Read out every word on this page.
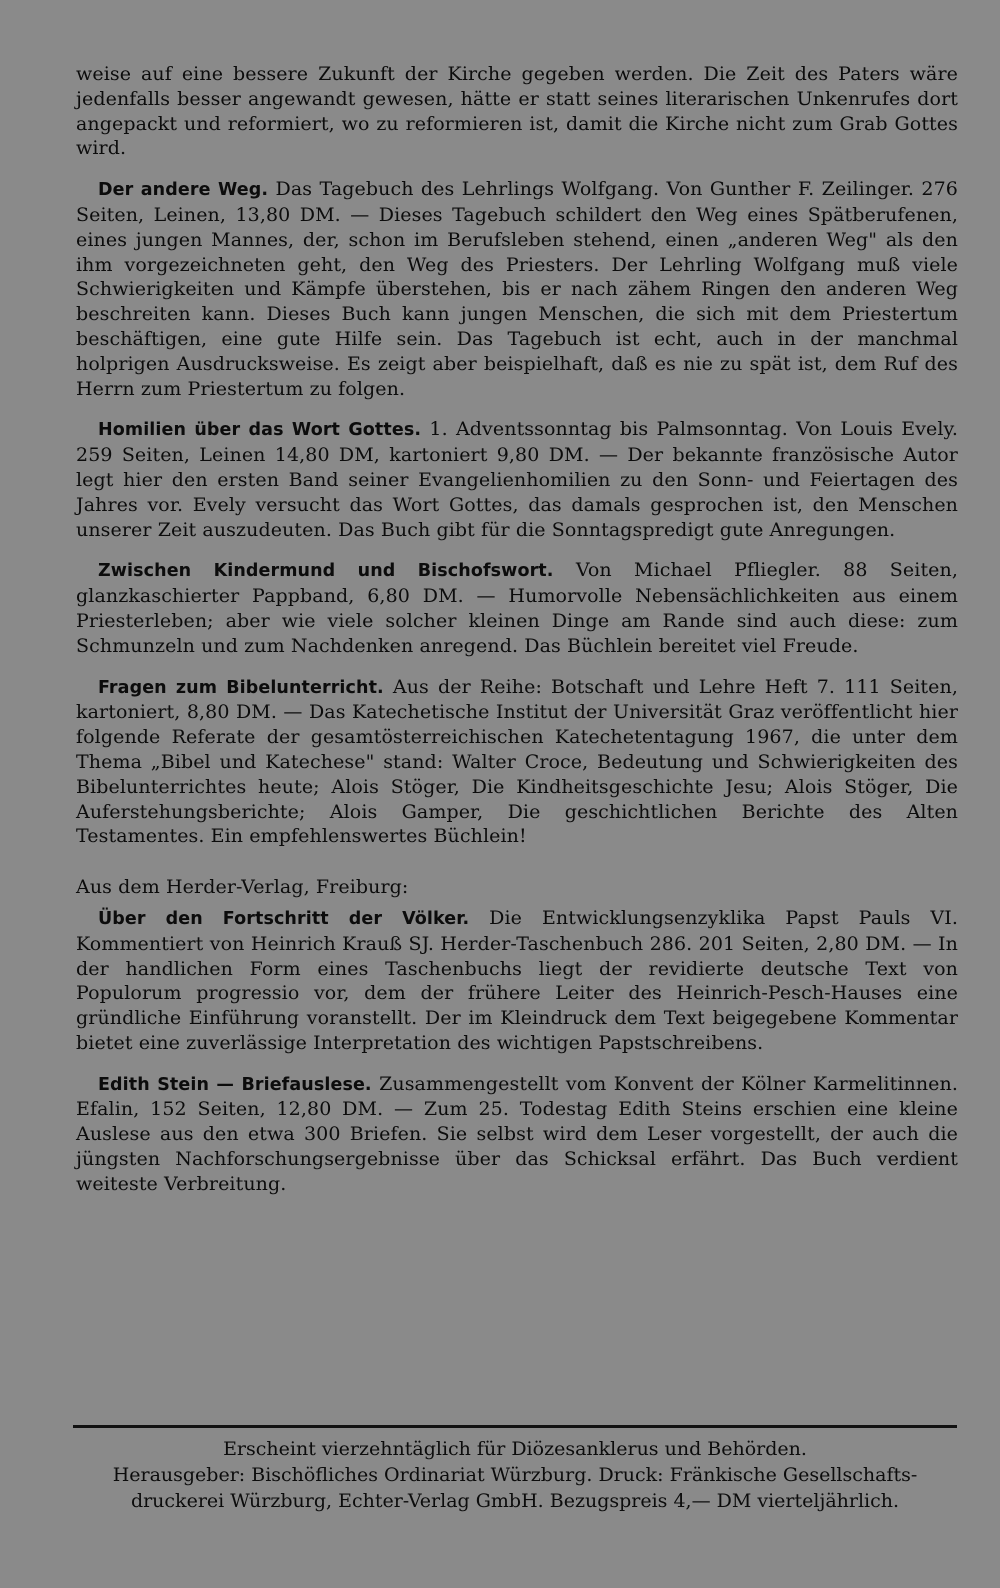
weise auf eine bessere Zukunft der Kirche gegeben werden. Die Zeit des Paters wäre jedenfalls besser angewandt gewesen, hätte er statt seines literarischen Unkenrufes dort angepackt und reformiert, wo zu reformieren ist, damit die Kirche nicht zum Grab Gottes wird.

Der andere Weg. Das Tagebuch des Lehrlings Wolfgang. Von Gunther F. Zeilinger. 276 Seiten, Leinen, 13,80 DM. — Dieses Tagebuch schildert den Weg eines Spätberufenen, eines jungen Mannes, der, schon im Berufsleben stehend, einen „anderen Weg" als den ihm vorgezeichneten geht, den Weg des Priesters. Der Lehrling Wolfgang muß viele Schwierigkeiten und Kämpfe überstehen, bis er nach zähem Ringen den anderen Weg beschreiten kann. Dieses Buch kann jungen Menschen, die sich mit dem Priestertum beschäftigen, eine gute Hilfe sein. Das Tagebuch ist echt, auch in der manchmal holprigen Ausdrucksweise. Es zeigt aber beispielhaft, daß es nie zu spät ist, dem Ruf des Herrn zum Priestertum zu folgen.

Homilien über das Wort Gottes. 1. Adventssonntag bis Palmsonntag. Von Louis Evely. 259 Seiten, Leinen 14,80 DM, kartoniert 9,80 DM. — Der bekannte französische Autor legt hier den ersten Band seiner Evangelienhomilien zu den Sonn- und Feiertagen des Jahres vor. Evely versucht das Wort Gottes, das damals gesprochen ist, den Menschen unserer Zeit auszudeuten. Das Buch gibt für die Sonntagspredigt gute Anregungen.

Zwischen Kindermund und Bischofswort. Von Michael Pfliegler. 88 Seiten, glanzkaschierter Pappband, 6,80 DM. — Humorvolle Nebensächlichkeiten aus einem Priesterleben; aber wie viele solcher kleinen Dinge am Rande sind auch diese: zum Schmunzeln und zum Nachdenken anregend. Das Büchlein bereitet viel Freude.

Fragen zum Bibelunterricht. Aus der Reihe: Botschaft und Lehre Heft 7. 111 Seiten, kartoniert, 8,80 DM. — Das Katechetische Institut der Universität Graz veröffentlicht hier folgende Referate der gesamtösterreichischen Katechetentagung 1967, die unter dem Thema „Bibel und Katechese" stand: Walter Croce, Bedeutung und Schwierigkeiten des Bibelunterrichtes heute; Alois Stöger, Die Kindheitsgeschichte Jesu; Alois Stöger, Die Auferstehungsberichte; Alois Gamper, Die geschichtlichen Berichte des Alten Testamentes. Ein empfehlenswertes Büchlein!

Aus dem Herder-Verlag, Freiburg:

Über den Fortschritt der Völker. Die Entwicklungsenzyklika Papst Pauls VI. Kommentiert von Heinrich Krauß SJ. Herder-Taschenbuch 286. 201 Seiten, 2,80 DM. — In der handlichen Form eines Taschenbuchs liegt der revidierte deutsche Text von Populorum progressio vor, dem der frühere Leiter des Heinrich-Pesch-Hauses eine gründliche Einführung voranstellt. Der im Kleindruck dem Text beigegebene Kommentar bietet eine zuverlässige Interpretation des wichtigen Papstschreibens.

Edith Stein — Briefauslese. Zusammengestellt vom Konvent der Kölner Karmelitinnen. Efalin, 152 Seiten, 12,80 DM. — Zum 25. Todestag Edith Steins erschien eine kleine Auslese aus den etwa 300 Briefen. Sie selbst wird dem Leser vorgestellt, der auch die jüngsten Nachforschungsergebnisse über das Schicksal erfährt. Das Buch verdient weiteste Verbreitung.

Erscheint vierzehntäglich für Diözesanklerus und Behörden.
Herausgeber: Bischöfliches Ordinariat Würzburg. Druck: Fränkische Gesellschafts-
druckerei Würzburg, Echter-Verlag GmbH. Bezugspreis 4,— DM vierteljährlich.
